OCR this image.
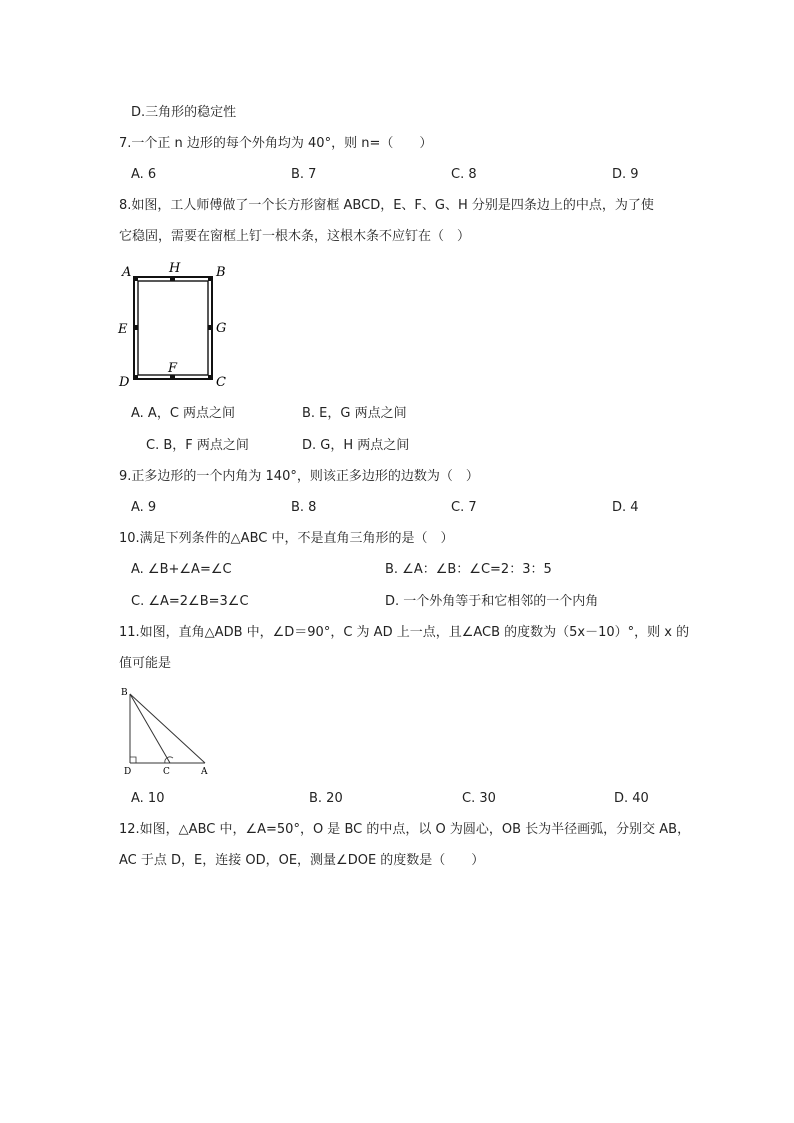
D.三角形的稳定性
7.一个正 n 边形的每个外角均为 40°，则 n=（　　）
A. 6	B. 7	C. 8	D. 9
8.如图，工人师傅做了一个长方形窗框 ABCD，E、F、G、H 分别是四条边上的中点，为了使
它稳固，需要在窗框上钉一根木条，这根木条不应钉在（　）
A	B
C
D
E
F
G
H
A. A，C 两点之间	B. E，G 两点之间
C. B，F 两点之间	D. G，H 两点之间
9.正多边形的一个内角为 140°，则该正多边形的边数为（　）
A. 9	B. 8	C. 7	D. 4
10.满足下列条件的△ABC 中，不是直角三角形的是（　）
A. ∠B+∠A=∠C	B. ∠A：∠B：∠C=2：3：5
C. ∠A=2∠B=3∠C	D. 一个外角等于和它相邻的一个内角
11.如图，直角△ADB 中，∠D＝90°，C 为 AD 上一点，且∠ACB 的度数为（5x－10）°，则 x 的
值可能是
B
D	C	A
A. 10	B. 20	C. 30	D. 40
12.如图，△ABC 中，∠A=50°，O 是 BC 的中点，以 O 为圆心，OB 长为半径画弧，分别交 AB，
AC 于点 D，E，连接 OD，OE，测量∠DOE 的度数是（　　）
